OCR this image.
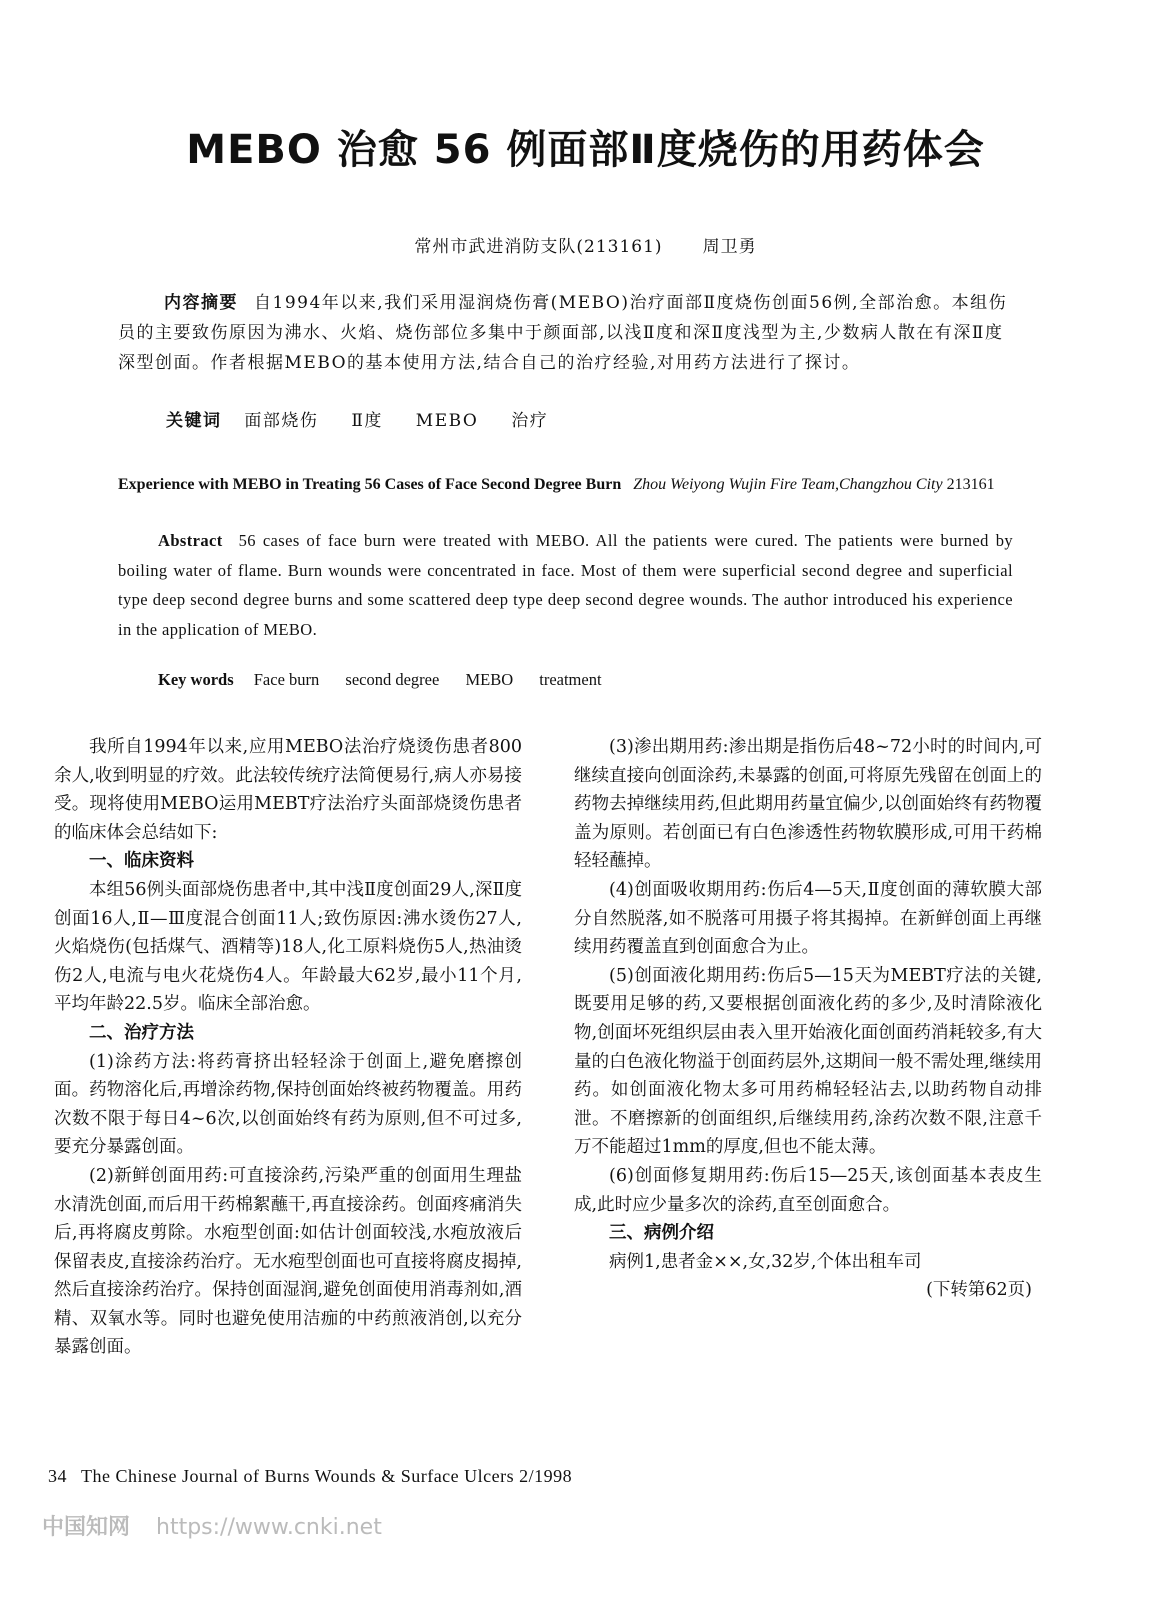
MEBO 治愈 56 例面部Ⅱ度烧伤的用药体会
常州市武进消防支队(213161) 周卫勇
内容摘要 自1994年以来,我们采用湿润烧伤膏(MEBO)治疗面部Ⅱ度烧伤创面56例,全部治愈。本组伤员的主要致伤原因为沸水、火焰、烧伤部位多集中于颜面部,以浅Ⅱ度和深Ⅱ度浅型为主,少数病人散在有深Ⅱ度深型创面。作者根据MEBO的基本使用方法,结合自己的治疗经验,对用药方法进行了探讨。
关键词 面部烧伤 Ⅱ度 MEBO 治疗
Experience with MEBO in Treating 56 Cases of Face Second Degree Burn Zhou Weiyong Wujin Fire Team,Changzhou City 213161
Abstract 56 cases of face burn were treated with MEBO. All the patients were cured. The patients were burned by boiling water of flame. Burn wounds were concentrated in face. Most of them were superficial second degree and superficial type deep second degree burns and some scattered deep type deep second degree wounds. The author introduced his experience in the application of MEBO.
Key words Face burn second degree MEBO treatment

我所自1994年以来,应用MEBO法治疗烧烫伤患者800余人,收到明显的疗效。此法较传统疗法简便易行,病人亦易接受。现将使用MEBO运用MEBT疗法治疗头面部烧烫伤患者的临床体会总结如下:

一、临床资料

本组56例头面部烧伤患者中,其中浅Ⅱ度创面29人,深Ⅱ度创面16人,Ⅱ—Ⅲ度混合创面11人;致伤原因:沸水烫伤27人,火焰烧伤(包括煤气、酒精等)18人,化工原料烧伤5人,热油烫伤2人,电流与电火花烧伤4人。年龄最大62岁,最小11个月,平均年龄22.5岁。临床全部治愈。

二、治疗方法

(1)涂药方法:将药膏挤出轻轻涂于创面上,避免磨擦创面。药物溶化后,再增涂药物,保持创面始终被药物覆盖。用药次数不限于每日4~6次,以创面始终有药为原则,但不可过多,要充分暴露创面。

(2)新鲜创面用药:可直接涂药,污染严重的创面用生理盐水清洗创面,而后用干药棉絮蘸干,再直接涂药。创面疼痛消失后,再将腐皮剪除。水疱型创面:如估计创面较浅,水疱放液后保留表皮,直接涂药治疗。无水疱型创面也可直接将腐皮揭掉,然后直接涂药治疗。保持创面湿润,避免创面使用消毒剂如,酒精、双氧水等。同时也避免使用洁痂的中药煎液消创,以充分暴露创面。

(3)渗出期用药:渗出期是指伤后48~72小时的时间内,可继续直接向创面涂药,未暴露的创面,可将原先残留在创面上的药物去掉继续用药,但此期用药量宜偏少,以创面始终有药物覆盖为原则。若创面已有白色渗透性药物软膜形成,可用干药棉轻轻蘸掉。

(4)创面吸收期用药:伤后4—5天,Ⅱ度创面的薄软膜大部分自然脱落,如不脱落可用摄子将其揭掉。在新鲜创面上再继续用药覆盖直到创面愈合为止。

(5)创面液化期用药:伤后5—15天为MEBT疗法的关键,既要用足够的药,又要根据创面液化药的多少,及时清除液化物,创面坏死组织层由表入里开始液化面创面药消耗较多,有大量的白色液化物溢于创面药层外,这期间一般不需处理,继续用药。如创面液化物太多可用药棉轻轻沾去,以助药物自动排泄。不磨擦新的创面组织,后继续用药,涂药次数不限,注意千万不能超过1mm的厚度,但也不能太薄。

(6)创面修复期用药:伤后15—25天,该创面基本表皮生成,此时应少量多次的涂药,直至创面愈合。

三、病例介绍

病例1,患者金××,女,32岁,个体出租车司

(下转第62页)

34 The Chinese Journal of Burns Wounds & Surface Ulcers 2/1998
中国知网 https://www.cnki.net
